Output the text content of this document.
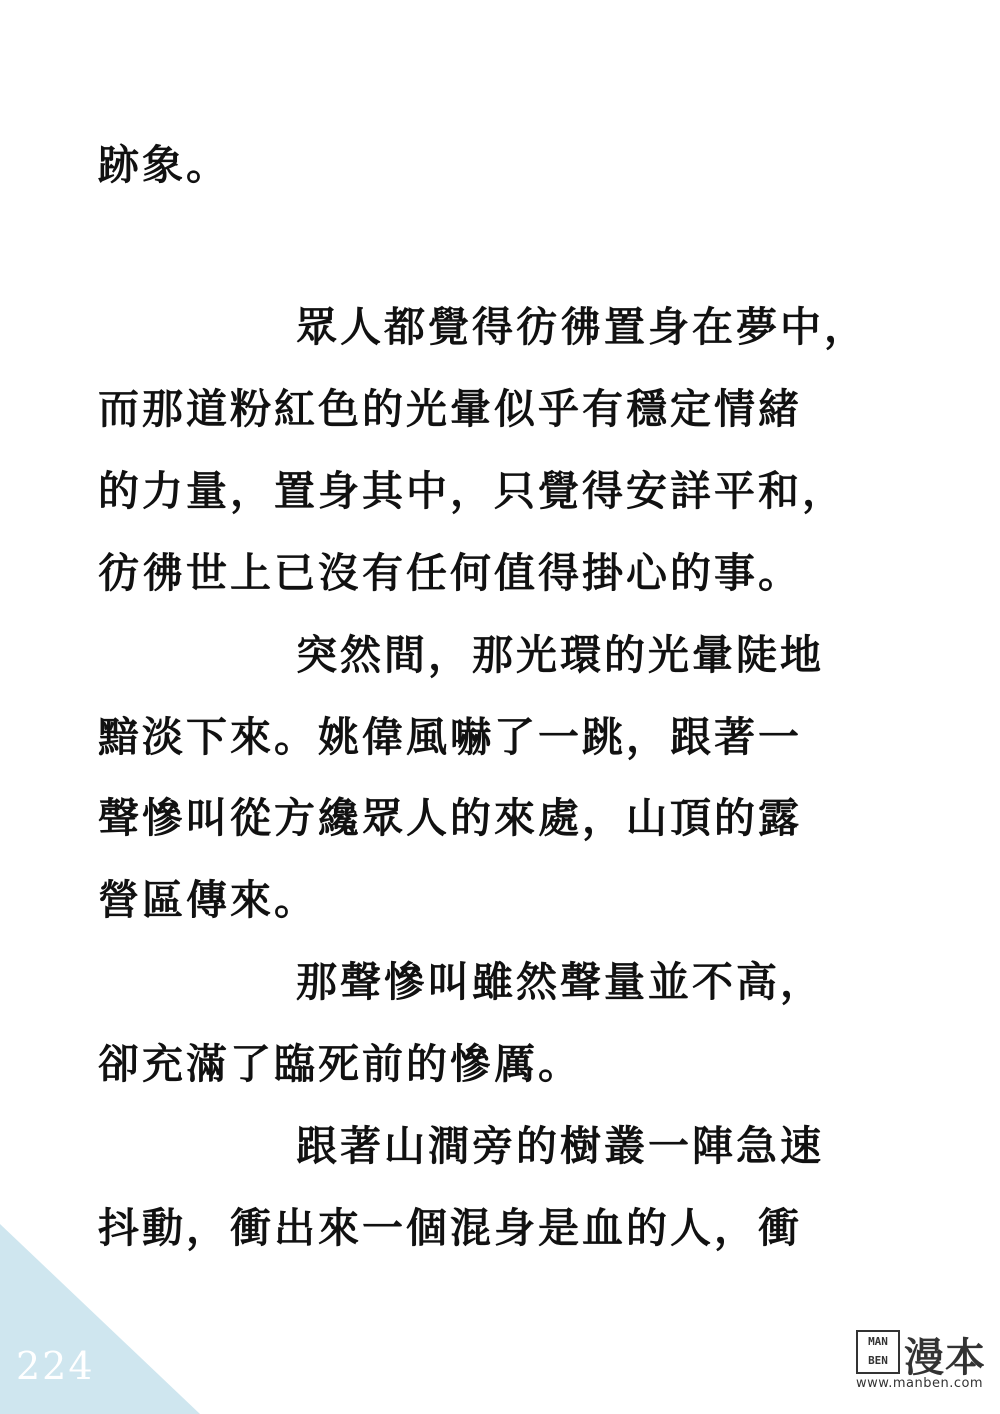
跡象。
眾人都覺得彷彿置身在夢中，
而那道粉紅色的光暈似乎有穩定情緒
的力量，置身其中，只覺得安詳平和，
彷彿世上已沒有任何值得掛心的事。
突然間，那光環的光暈陡地
黯淡下來。姚偉風嚇了一跳，跟著一
聲慘叫從方纔眾人的來處，山頂的露
營區傳來。
那聲慘叫雖然聲量並不高，
卻充滿了臨死前的慘厲。
跟著山澗旁的樹叢一陣急速
抖動，衝出來一個混身是血的人，衝
224
MAN
BEN 漫本
www.manben.com
